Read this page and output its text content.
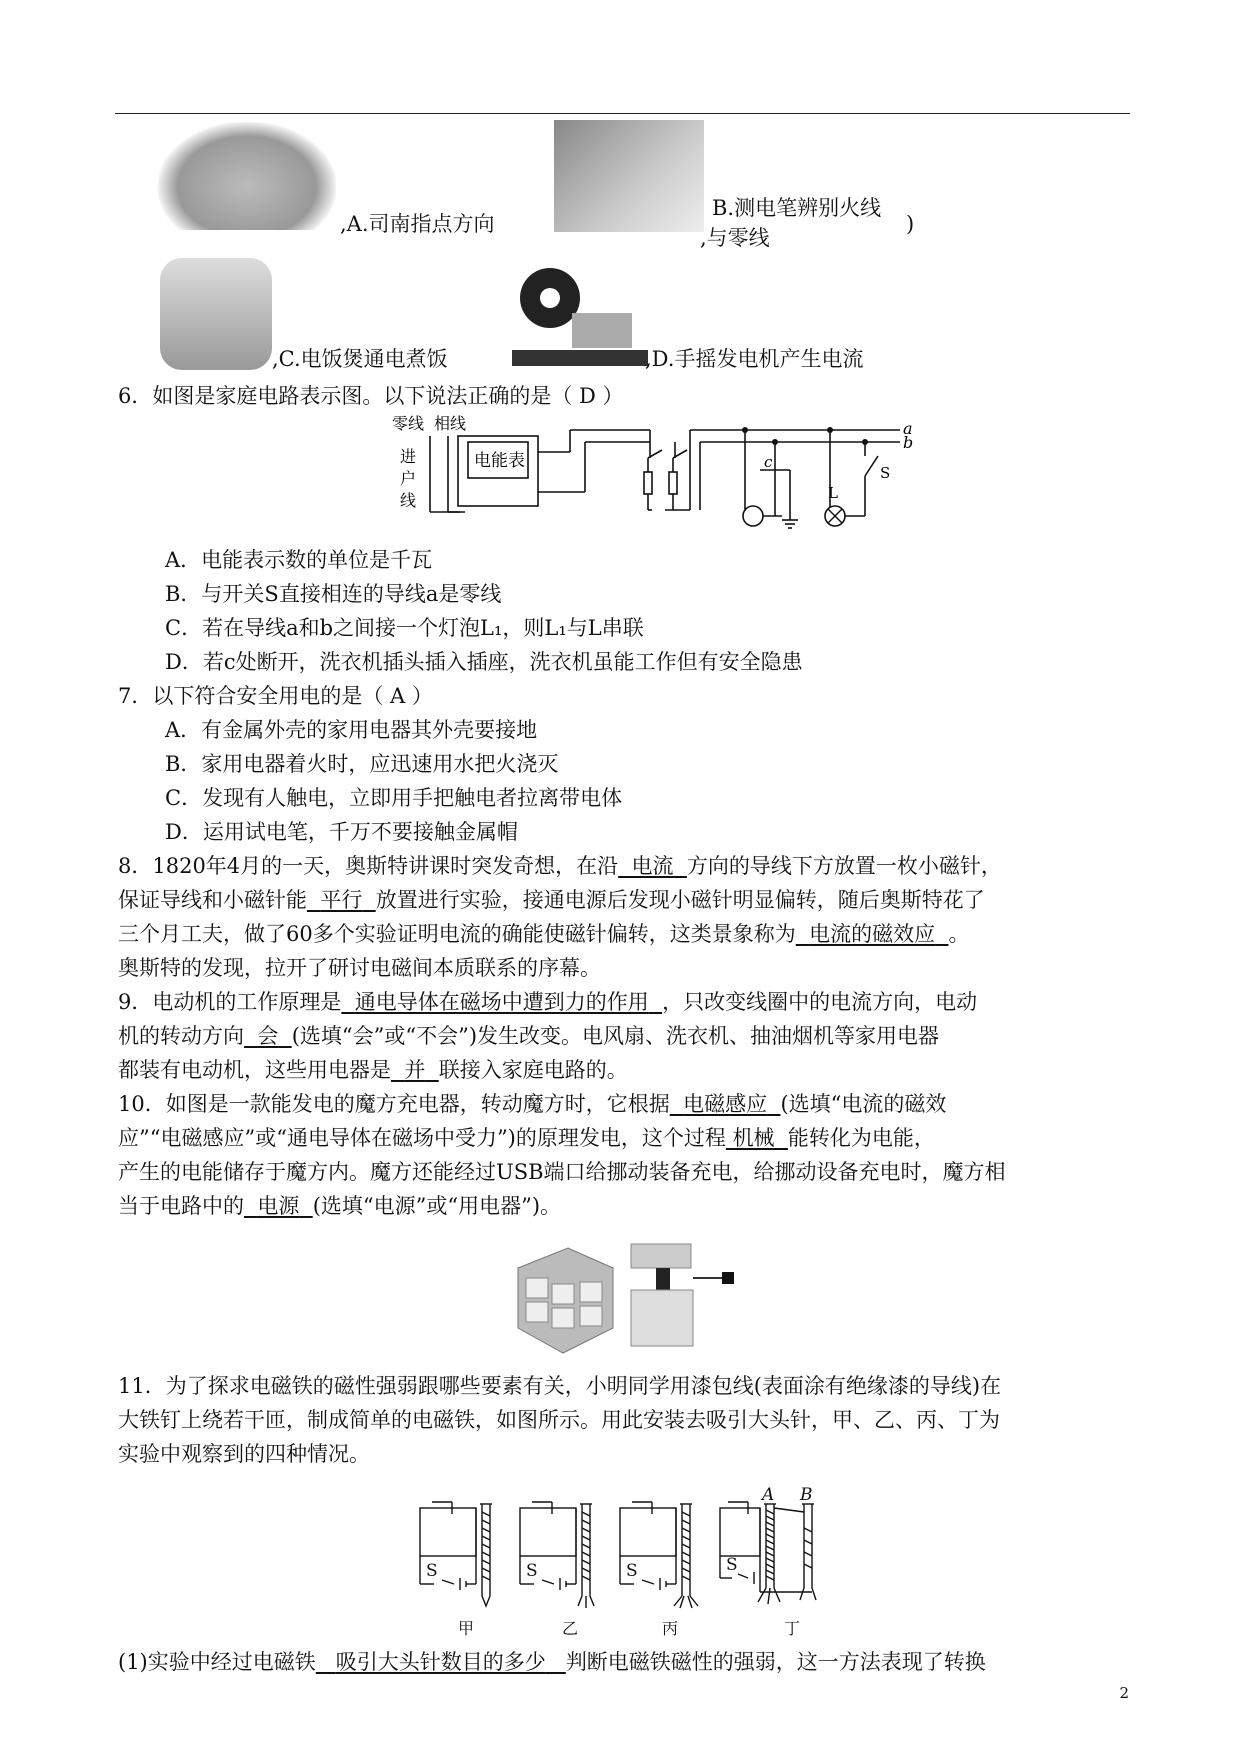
,A.司南指点方向
B.测电笔辨别火线
,与零线
)
,C.电饭煲通电煮饭	,D.手摇发电机产生电流
6．如图是家庭电路表示图。以下说法正确的是（ D ）
零线 相线
进
户
线
电能表
a
b
c
L
S
A．电能表示数的单位是千瓦
B．与开关S直接相连的导线a是零线
C．若在导线a和b之间接一个灯泡L₁，则L₁与L串联
D．若c处断开，洗衣机插头插入插座，洗衣机虽能工作但有安全隐患
7．以下符合安全用电的是（ A ）
A．有金属外壳的家用电器其外壳要接地
B．家用电器着火时，应迅速用水把火浇灭
C．发现有人触电，立即用手把触电者拉离带电体
D．运用试电笔，千万不要接触金属帽
8．1820年4月的一天，奥斯特讲课时突发奇想，在沿 电流 方向的导线下方放置一枚小磁针，
保证导线和小磁针能 平行 放置进行实验，接通电源后发现小磁针明显偏转，随后奥斯特花了
三个月工夫，做了60多个实验证明电流的确能使磁针偏转，这类景象称为 电流的磁效应 。
奥斯特的发现，拉开了研讨电磁间本质联系的序幕。
9．电动机的工作原理是 通电导体在磁场中遭到力的作用 ，只改变线圈中的电流方向，电动
机的转动方向 会 (选填“会”或“不会”)发生改变。电风扇、洗衣机、抽油烟机等家用电器
都装有电动机，这些用电器是 并 联接入家庭电路的。
10．如图是一款能发电的魔方充电器，转动魔方时，它根据 电磁感应 (选填“电流的磁效
应”“电磁感应”或“通电导体在磁场中受力”)的原理发电，这个过程 机械 能转化为电能，
产生的电能储存于魔方内。魔方还能经过USB端口给挪动装备充电，给挪动设备充电时，魔方相
当于电路中的 电源 (选填“电源”或“用电器”)。
11．为了探求电磁铁的磁性强弱跟哪些要素有关，小明同学用漆包线(表面涂有绝缘漆的导线)在
大铁钉上绕若干匝，制成简单的电磁铁，如图所示。用此安装去吸引大头针，甲、乙、丙、丁为
实验中观察到的四种情况。
S	S	S	S
A B
甲	乙	丙	丁
(1)实验中经过电磁铁 吸引大头针数目的多少 判断电磁铁磁性的强弱，这一方法表现了转换
2
